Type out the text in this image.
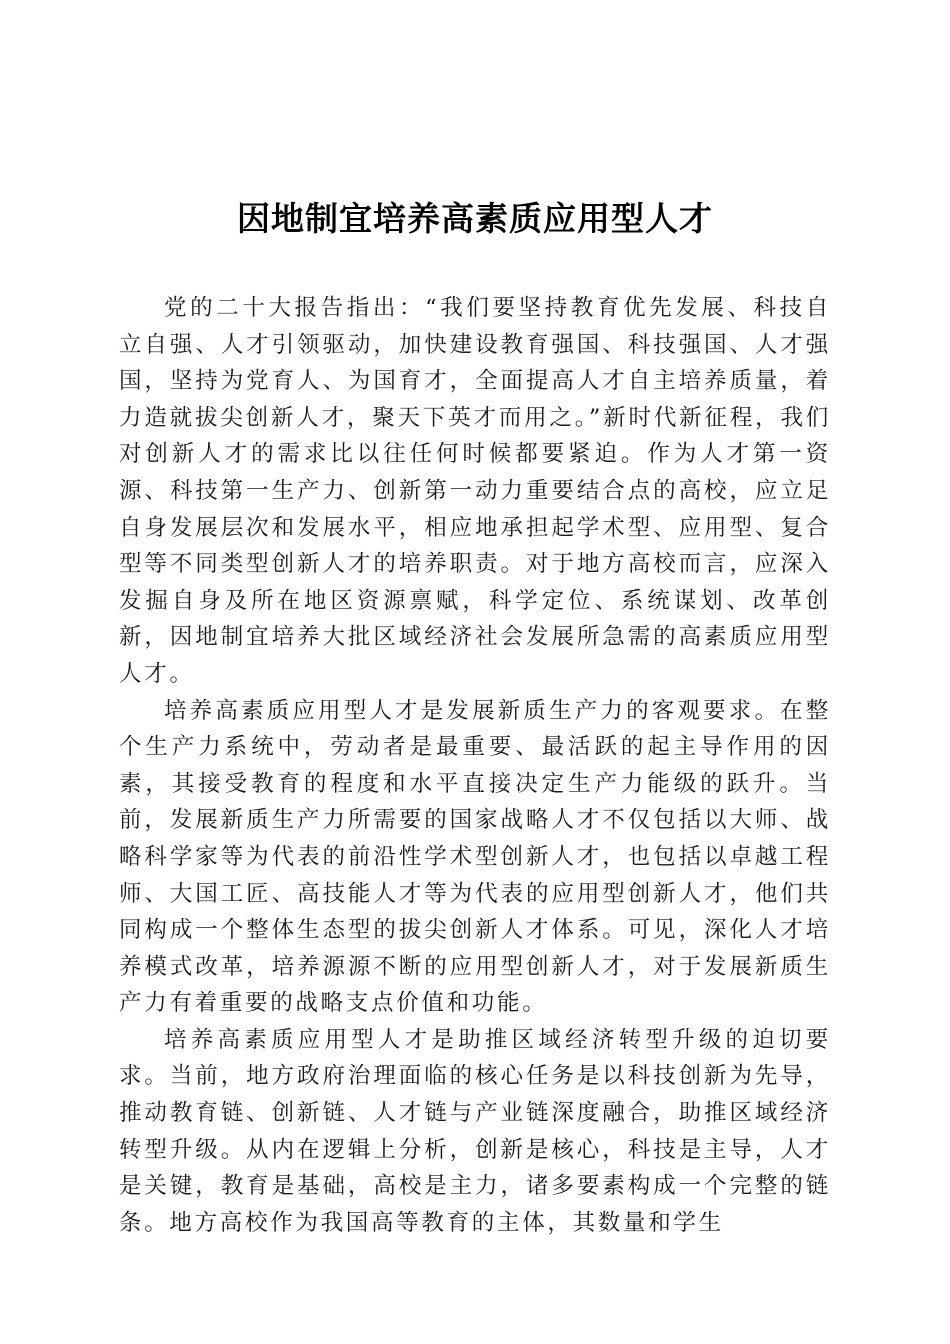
因地制宜培养高素质应用型人才

党的二十大报告指出：“我们要坚持教育优先发展、科技自立自强、人才引领驱动，加快建设教育强国、科技强国、人才强国，坚持为党育人、为国育才，全面提高人才自主培养质量，着力造就拔尖创新人才，聚天下英才而用之。”新时代新征程，我们对创新人才的需求比以往任何时候都要紧迫。作为人才第一资源、科技第一生产力、创新第一动力重要结合点的高校，应立足自身发展层次和发展水平，相应地承担起学术型、应用型、复合型等不同类型创新人才的培养职责。对于地方高校而言，应深入发掘自身及所在地区资源禀赋，科学定位、系统谋划、改革创新，因地制宜培养大批区域经济社会发展所急需的高素质应用型人才。

培养高素质应用型人才是发展新质生产力的客观要求。在整个生产力系统中，劳动者是最重要、最活跃的起主导作用的因素，其接受教育的程度和水平直接决定生产力能级的跃升。当前，发展新质生产力所需要的国家战略人才不仅包括以大师、战略科学家等为代表的前沿性学术型创新人才，也包括以卓越工程师、大国工匠、高技能人才等为代表的应用型创新人才，他们共同构成一个整体生态型的拔尖创新人才体系。可见，深化人才培养模式改革，培养源源不断的应用型创新人才，对于发展新质生产力有着重要的战略支点价值和功能。

培养高素质应用型人才是助推区域经济转型升级的迫切要求。当前，地方政府治理面临的核心任务是以科技创新为先导，推动教育链、创新链、人才链与产业链深度融合，助推区域经济转型升级。从内在逻辑上分析，创新是核心，科技是主导，人才是关键，教育是基础，高校是主力，诸多要素构成一个完整的链条。地方高校作为我国高等教育的主体，其数量和学生
